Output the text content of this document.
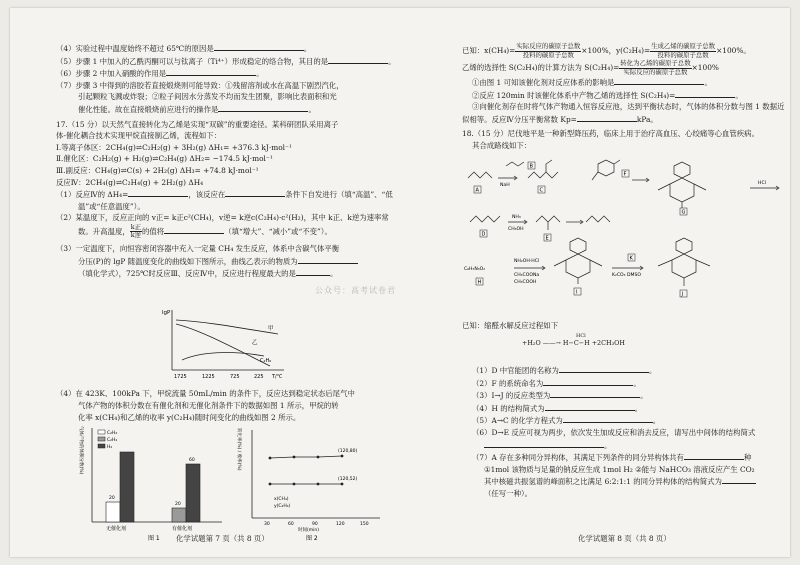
（4）实验过程中温度始终不超过 65℃的原因是	。
（5）步骤 1 中加入的乙酰丙酮可以与钛离子（Ti⁴⁺）形成稳定的络合物，其目的是	。
（6）步骤 2 中加入硝酸的作用是	。
（7）步骤 3 中得到的溶胶若直接煅烧则可能导致：①残留溶剂或水在高温下剧烈汽化，
引起颗粒飞溅或炸裂；②粒子间因水分蒸发不均而发生团聚，影响比表面积和光
催化性能。故在直接煅烧前应进行的操作是	。
17.（15 分）以天然气直接转化为乙烯是实现“双碳”的重要途径。某科研团队采用离子
体-催化耦合技术实现甲烷直接制乙烯，流程如下：
Ⅰ.等离子体区：2CH₄(g)⇌C₂H₂(g) + 3H₂(g) ΔH₁= +376.3 kJ·mol⁻¹
Ⅱ.催化区：C₂H₂(g) + H₂(g)⇌C₂H₄(g) ΔH₂= −174.5 kJ·mol⁻¹
Ⅲ.副反应：CH₄(g)⇌C(s) + 2H₂(g) ΔH₃= +74.8 kJ·mol⁻¹
反应Ⅳ：2CH₄(g)⇌C₂H₄(g) + 2H₂(g) ΔH₄
（1）反应Ⅳ的 ΔH₄=	，该反应在	条件下自发进行（填“高温”、“低
温”或“任意温度”）。
（2）某温度下，反应正向的 v正= k正c²(CH₄)，v逆= k逆c(C₂H₄)·c²(H₂)，其中 k正、k逆为速率常
数。升高温度， $\frac{\text{k正}}{\text{k逆}}$ 的值将	（填“增大”、“减小”或“不变”）。
（3）一定温度下，向恒容密闭容器中充入一定量 CH₄ 发生反应，体系中含碳气体平衡
分压(P)的 lgP 随温度变化的曲线如下图所示，曲线乙表示的物质为
（填化学式），725℃时反应Ⅲ、反应Ⅳ中，反应进行程度最大的是	。
lgP
甲
乙
C₂H₆
1725	1225	725	225 T/℃
（4）在 423K、100kPa 下，甲烷流量 50mL/min 的条件下，反应达到稳定状态后尾气中
气体产物的体积分数在有催化剂和无催化剂条件下的数据如图 1 所示，甲烷的转
化率 x(CH₄)和乙烯的收率 y(C₂H₄)随时间变化的曲线如图 2 所示。
气体产物的体积分数(%)	C₂H₂
C₂H₄
H₂
20
20
60
无催化剂	有催化剂
图 1
转化率(%) / 收率(%)	(120,80)
(120,52)
x(CH₄)
y(C₂H₄)
30	60	90	120	150
时间(min)
图 2
化学试题第 7 页（共 8 页）
公众号：高考试卷君
已知：$x(CH_4)= \frac{\text{实际反应的碳原子总数}}{\text{投料的碳原子总数}} \times 100\%$，$y(C_2H_4)= \frac{\text{生成乙烯的碳原子总数}}{\text{投料的碳原子总数}} \times 100\%$。
乙烯的选择性 S(C₂H₄)的计算方法为 $S(C_2H_4)= \frac{\text{转化为乙烯的碳原子总数}}{\text{实际反应的碳原子总数}} \times 100\%$
①由图 1 可知该催化剂对反应体系的影响是	。
②反应 120min 时该催化体系中产物乙烯的选择性 S(C₂H₄)=	。
③向催化剂存在时将气体产物通入恒容反应池，达到平衡状态时，气体的体积分数与图 1 数据近
似相等。反应Ⅳ分压平衡常数 Kp=	kPa。
18.（15 分）尼伐地平是一种新型降压药，临床上用于治疗高血压、心绞痛等心血管疾病。
其合成路线如下：
A
B
C
D
E
F
G
H
I	J
K
NaH
NH₃
CH₃OH
HCl
NH₂OH·HCl
CH₃COONa
CH₃COOH
K₂CO₃ DMSO
C₆H₅N₃O₂
已知：缩醛水解反应过程如下
HCl
+H₂O ——→ H−C−H +2CH₃OH
（1）D 中官能团的名称为	。
（2）F 的系统命名为	。
（3）I→J 的反应类型为	。
（4）H 的结构简式为	。
（5）A→C 的化学方程式为	。
（6）D→E 反应可视为两步，依次发生加成反应和消去反应，请写出中间体的结构简式
。
（7）A 存在多种同分异构体，其满足下列条件的同分异构体共有	种
①1mol 该物质与足量的钠反应生成 1mol H₂ ②能与 NaHCO₃ 溶液反应产生 CO₂
其中核磁共振氢谱的峰面积之比满足 6:2:1:1 的同分异构体的结构简式为
（任写一种）。
化学试题第 8 页（共 8 页）
